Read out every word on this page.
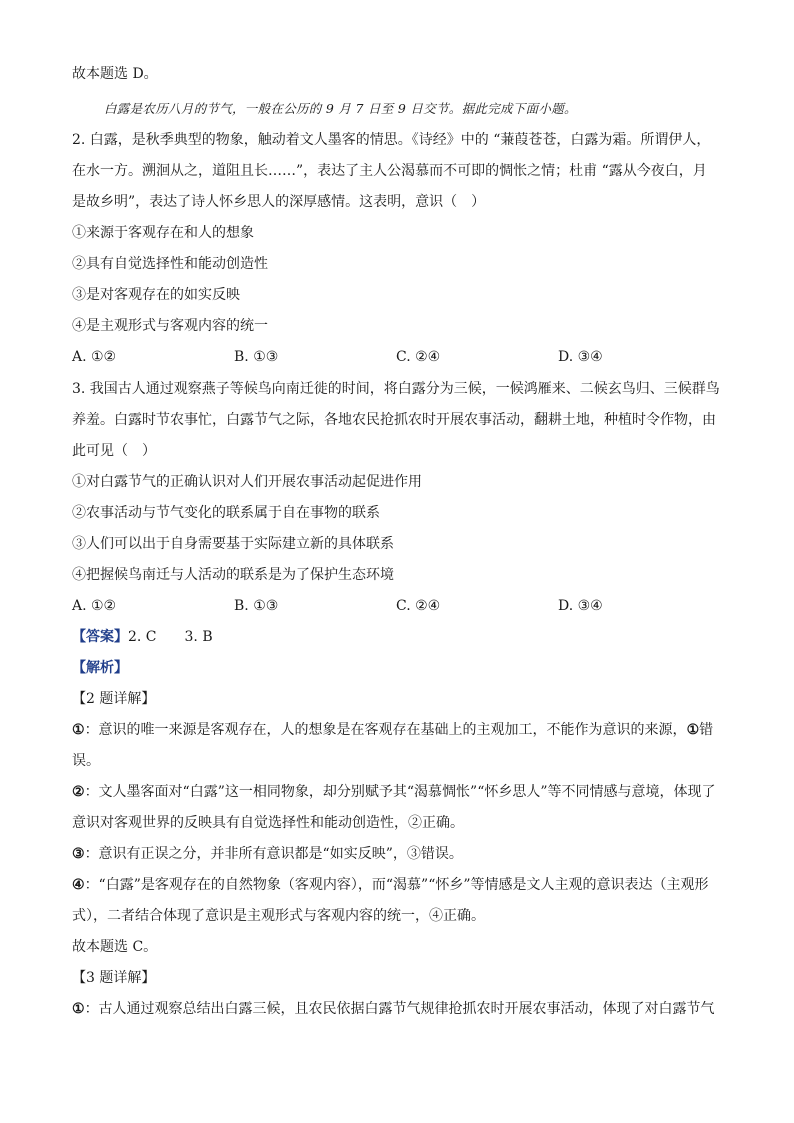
故本题选 D。
白露是农历八月的节气，一般在公历的 9 月 7 日至 9 日交节。据此完成下面小题。
2. 白露，是秋季典型的物象，触动着文人墨客的情思。《诗经》中的 “蒹葭苍苍，白露为霜。所谓伊人，
在水一方。溯洄从之，道阻且长……”，表达了主人公渴慕而不可即的惆怅之情；杜甫 “露从今夜白，月
是故乡明”，表达了诗人怀乡思人的深厚感情。这表明，意识（　）
①来源于客观存在和人的想象
②具有自觉选择性和能动创造性
③是对客观存在的如实反映
④是主观形式与客观内容的统一
A. ①②	B. ①③	C. ②④	D. ③④
3. 我国古人通过观察燕子等候鸟向南迁徙的时间，将白露分为三候，一候鸿雁来、二候玄鸟归、三候群鸟
养羞。白露时节农事忙，白露节气之际，各地农民抢抓农时开展农事活动，翻耕土地，种植时令作物，由
此可见（　）
①对白露节气的正确认识对人们开展农事活动起促进作用
②农事活动与节气变化的联系属于自在事物的联系
③人们可以出于自身需要基于实际建立新的具体联系
④把握候鸟南迁与人活动的联系是为了保护生态环境
A. ①②	B. ①③	C. ②④	D. ③④
【答案】2. C　　3. B
【解析】
【2 题详解】
①：意识的唯一来源是客观存在，人的想象是在客观存在基础上的主观加工，不能作为意识的来源，①错
误。
②：文人墨客面对“白露”这一相同物象，却分别赋予其“渴慕惆怅”“怀乡思人”等不同情感与意境，体现了
意识对客观世界的反映具有自觉选择性和能动创造性，②正确。
③：意识有正误之分，并非所有意识都是“如实反映”，③错误。
④：“白露”是客观存在的自然物象（客观内容），而“渴慕”“怀乡”等情感是文人主观的意识表达（主观形
式），二者结合体现了意识是主观形式与客观内容的统一，④正确。
故本题选 C。
【3 题详解】
①：古人通过观察总结出白露三候，且农民依据白露节气规律抢抓农时开展农事活动，体现了对白露节气
